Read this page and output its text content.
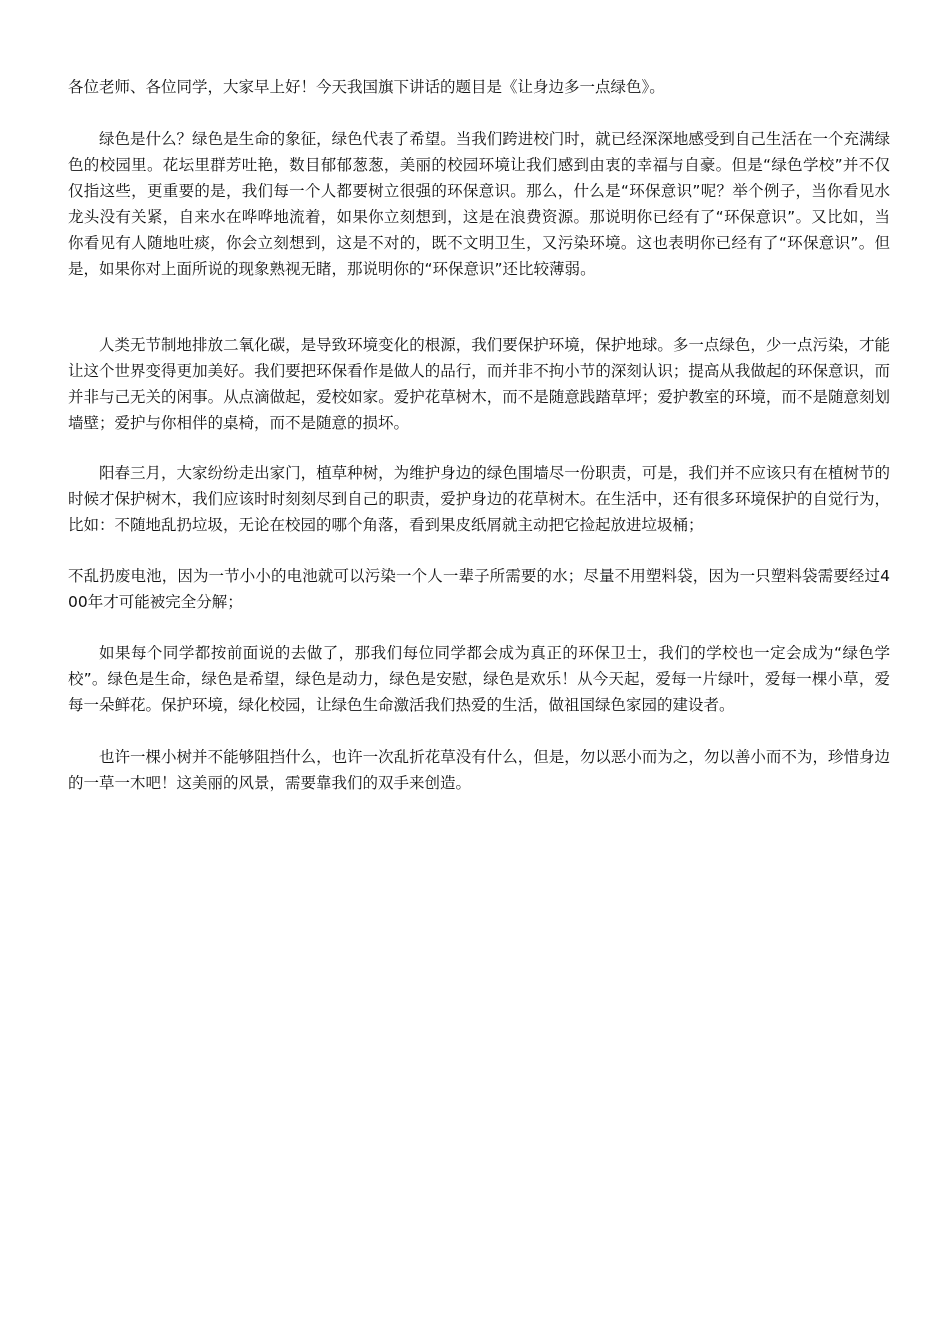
各位老师、各位同学，大家早上好！今天我国旗下讲话的题目是《让身边多一点绿色》。

绿色是什么？绿色是生命的象征，绿色代表了希望。当我们跨进校门时，就已经深深地感受到自己生活在一个充满绿色的校园里。花坛里群芳吐艳，数目郁郁葱葱，美丽的校园环境让我们感到由衷的幸福与自豪。但是“绿色学校”并不仅仅指这些，更重要的是，我们每一个人都要树立很强的环保意识。那么，什么是“环保意识”呢？举个例子，当你看见水龙头没有关紧，自来水在哗哗地流着，如果你立刻想到，这是在浪费资源。那说明你已经有了“环保意识”。又比如，当你看见有人随地吐痰，你会立刻想到，这是不对的，既不文明卫生，又污染环境。这也表明你已经有了“环保意识”。但是，如果你对上面所说的现象熟视无睹，那说明你的“环保意识”还比较薄弱。

人类无节制地排放二氧化碳，是导致环境变化的根源，我们要保护环境，保护地球。多一点绿色，少一点污染，才能让这个世界变得更加美好。我们要把环保看作是做人的品行，而并非不拘小节的深刻认识；提高从我做起的环保意识，而并非与己无关的闲事。从点滴做起，爱校如家。爱护花草树木，而不是随意践踏草坪；爱护教室的环境，而不是随意刻划墙壁；爱护与你相伴的桌椅，而不是随意的损坏。

阳春三月，大家纷纷走出家门，植草种树，为维护身边的绿色围墙尽一份职责，可是，我们并不应该只有在植树节的时候才保护树木，我们应该时时刻刻尽到自己的职责，爱护身边的花草树木。在生活中，还有很多环境保护的自觉行为，比如：不随地乱扔垃圾，无论在校园的哪个角落，看到果皮纸屑就主动把它捡起放进垃圾桶；

不乱扔废电池，因为一节小小的电池就可以污染一个人一辈子所需要的水；尽量不用塑料袋，因为一只塑料袋需要经过400年才可能被完全分解；

如果每个同学都按前面说的去做了，那我们每位同学都会成为真正的环保卫士，我们的学校也一定会成为“绿色学校”。绿色是生命，绿色是希望，绿色是动力，绿色是安慰，绿色是欢乐！从今天起，爱每一片绿叶，爱每一棵小草，爱每一朵鲜花。保护环境，绿化校园，让绿色生命激活我们热爱的生活，做祖国绿色家园的建设者。

也许一棵小树并不能够阻挡什么，也许一次乱折花草没有什么，但是，勿以恶小而为之，勿以善小而不为，珍惜身边的一草一木吧！这美丽的风景，需要靠我们的双手来创造。
